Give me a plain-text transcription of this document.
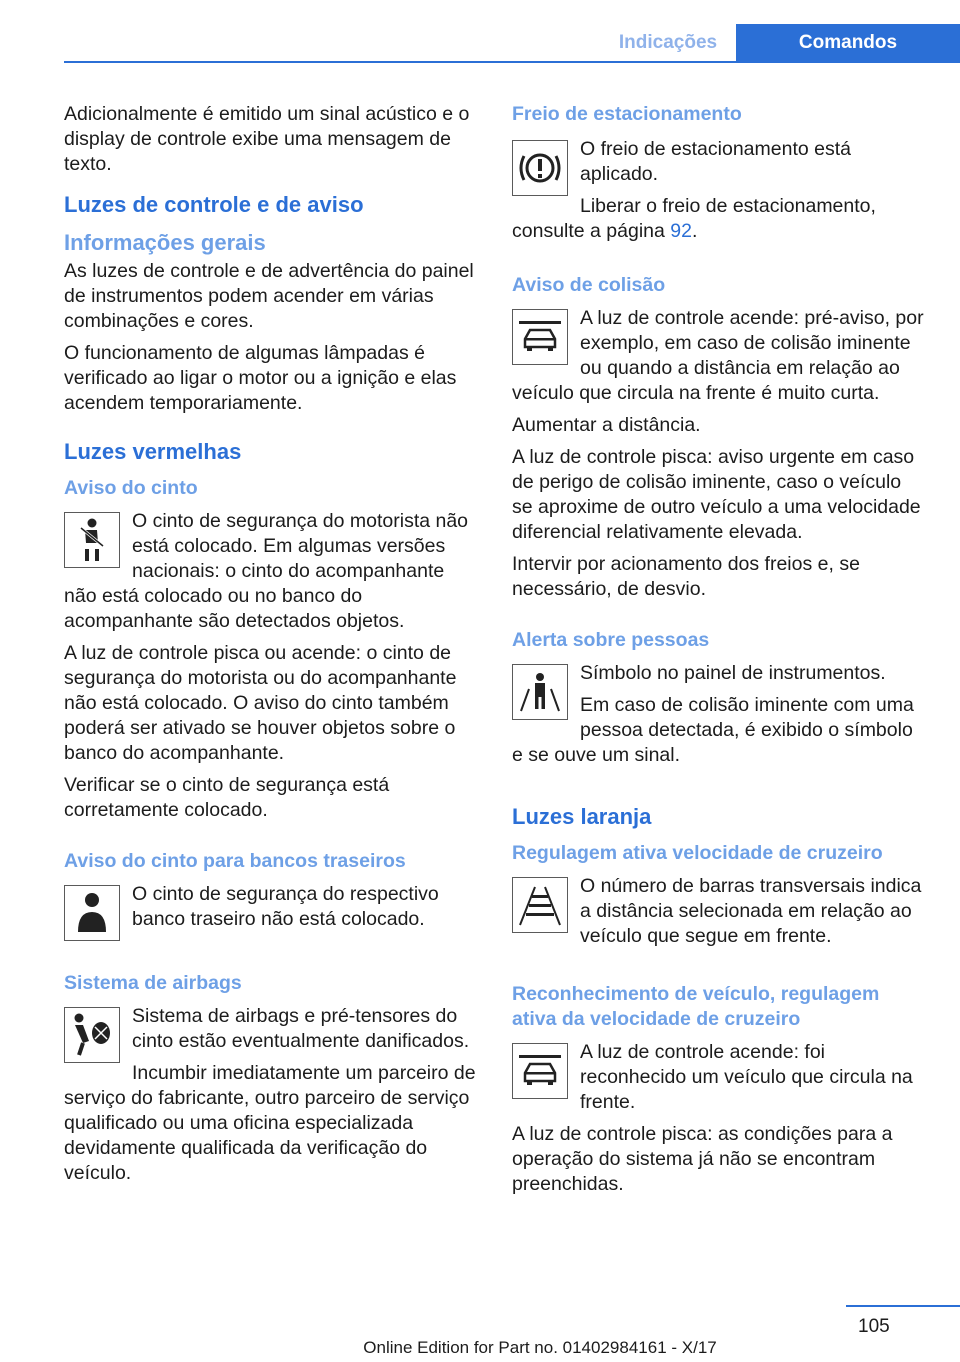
Indicações	Comandos

Adicionalmente é emitido um sinal acústico e o display de controle exibe uma mensagem de texto.

Luzes de controle e de aviso
Informações gerais

As luzes de controle e de advertência do painel de instrumentos podem acender em várias combinações e cores.

O funcionamento de algumas lâmpadas é verificado ao ligar o motor ou a ignição e elas acendem temporariamente.

Luzes vermelhas
Aviso do cinto

O cinto de segurança do motorista não está colocado. Em algumas versões nacionais: o cinto do acompanhante não está colocado ou no banco do acompanhante são detectados objetos.

A luz de controle pisca ou acende: o cinto de segurança do motorista ou do acompanhante não está colocado. O aviso do cinto também poderá ser ativado se houver objetos sobre o banco do acompanhante.

Verificar se o cinto de segurança está corretamente colocado.

Aviso do cinto para bancos traseiros

O cinto de segurança do respectivo banco traseiro não está colocado.

Sistema de airbags

Sistema de airbags e pré-tensores do cinto estão eventualmente danificados.

Incumbir imediatamente um parceiro de serviço do fabricante, outro parceiro de serviço qualificado ou uma oficina especializada devidamente qualificada da verificação do veículo.

Freio de estacionamento

O freio de estacionamento está aplicado.

Liberar o freio de estacionamento, consulte a página 92.

Aviso de colisão

A luz de controle acende: pré-aviso, por exemplo, em caso de colisão iminente ou quando a distância em relação ao veículo que circula na frente é muito curta.

Aumentar a distância.

A luz de controle pisca: aviso urgente em caso de perigo de colisão iminente, caso o veículo se aproxime de outro veículo a uma velocidade diferencial relativamente elevada.

Intervir por acionamento dos freios e, se necessário, de desvio.

Alerta sobre pessoas

Símbolo no painel de instrumentos.

Em caso de colisão iminente com uma pessoa detectada, é exibido o símbolo e se ouve um sinal.

Luzes laranja
Regulagem ativa velocidade de cruzeiro

O número de barras transversais indica a distância selecionada em relação ao veículo que segue em frente.

Reconhecimento de veículo, regulagem ativa da velocidade de cruzeiro

A luz de controle acende: foi reconhecido um veículo que circula na frente.

A luz de controle pisca: as condições para a operação do sistema já não se encontram preenchidas.

105
Online Edition for Part no. 01402984161 - X/17
